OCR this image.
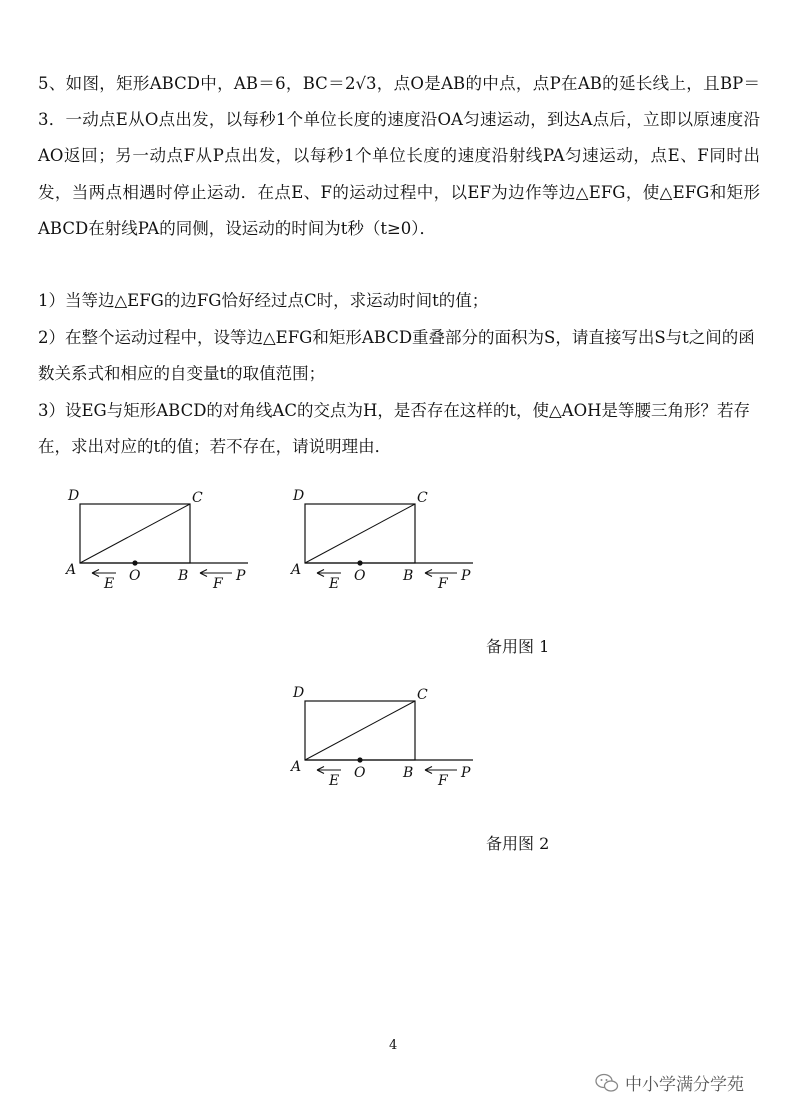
5、如图，矩形ABCD中，AB＝6，BC＝2√3，点O是AB的中点，点P在AB的延长线上，且BP＝3．一动点E从O点出发，以每秒1个单位长度的速度沿OA匀速运动，到达A点后，立即以原速度沿AO返回；另一动点F从P点出发，以每秒1个单位长度的速度沿射线PA匀速运动，点E、F同时出发，当两点相遇时停止运动．在点E、F的运动过程中，以EF为边作等边△EFG，使△EFG和矩形ABCD在射线PA的同侧，设运动的时间为t秒（t≥0）．

1）当等边△EFG的边FG恰好经过点C时，求运动时间t的值；

2）在整个运动过程中，设等边△EFG和矩形ABCD重叠部分的面积为S，请直接写出S与t之间的函数关系式和相应的自变量t的取值范围；

3）设EG与矩形ABCD的对角线AC的交点为H，是否存在这样的t，使△AOH是等腰三角形？若存在，求出对应的t的值；若不存在，请说明理由．

D	C
A	O	B	P
E	F
D	C
A	O	B	P
E	F
备用图 1
D	C
A	O	B	P
E	F
备用图 2
4
中小学满分学苑
